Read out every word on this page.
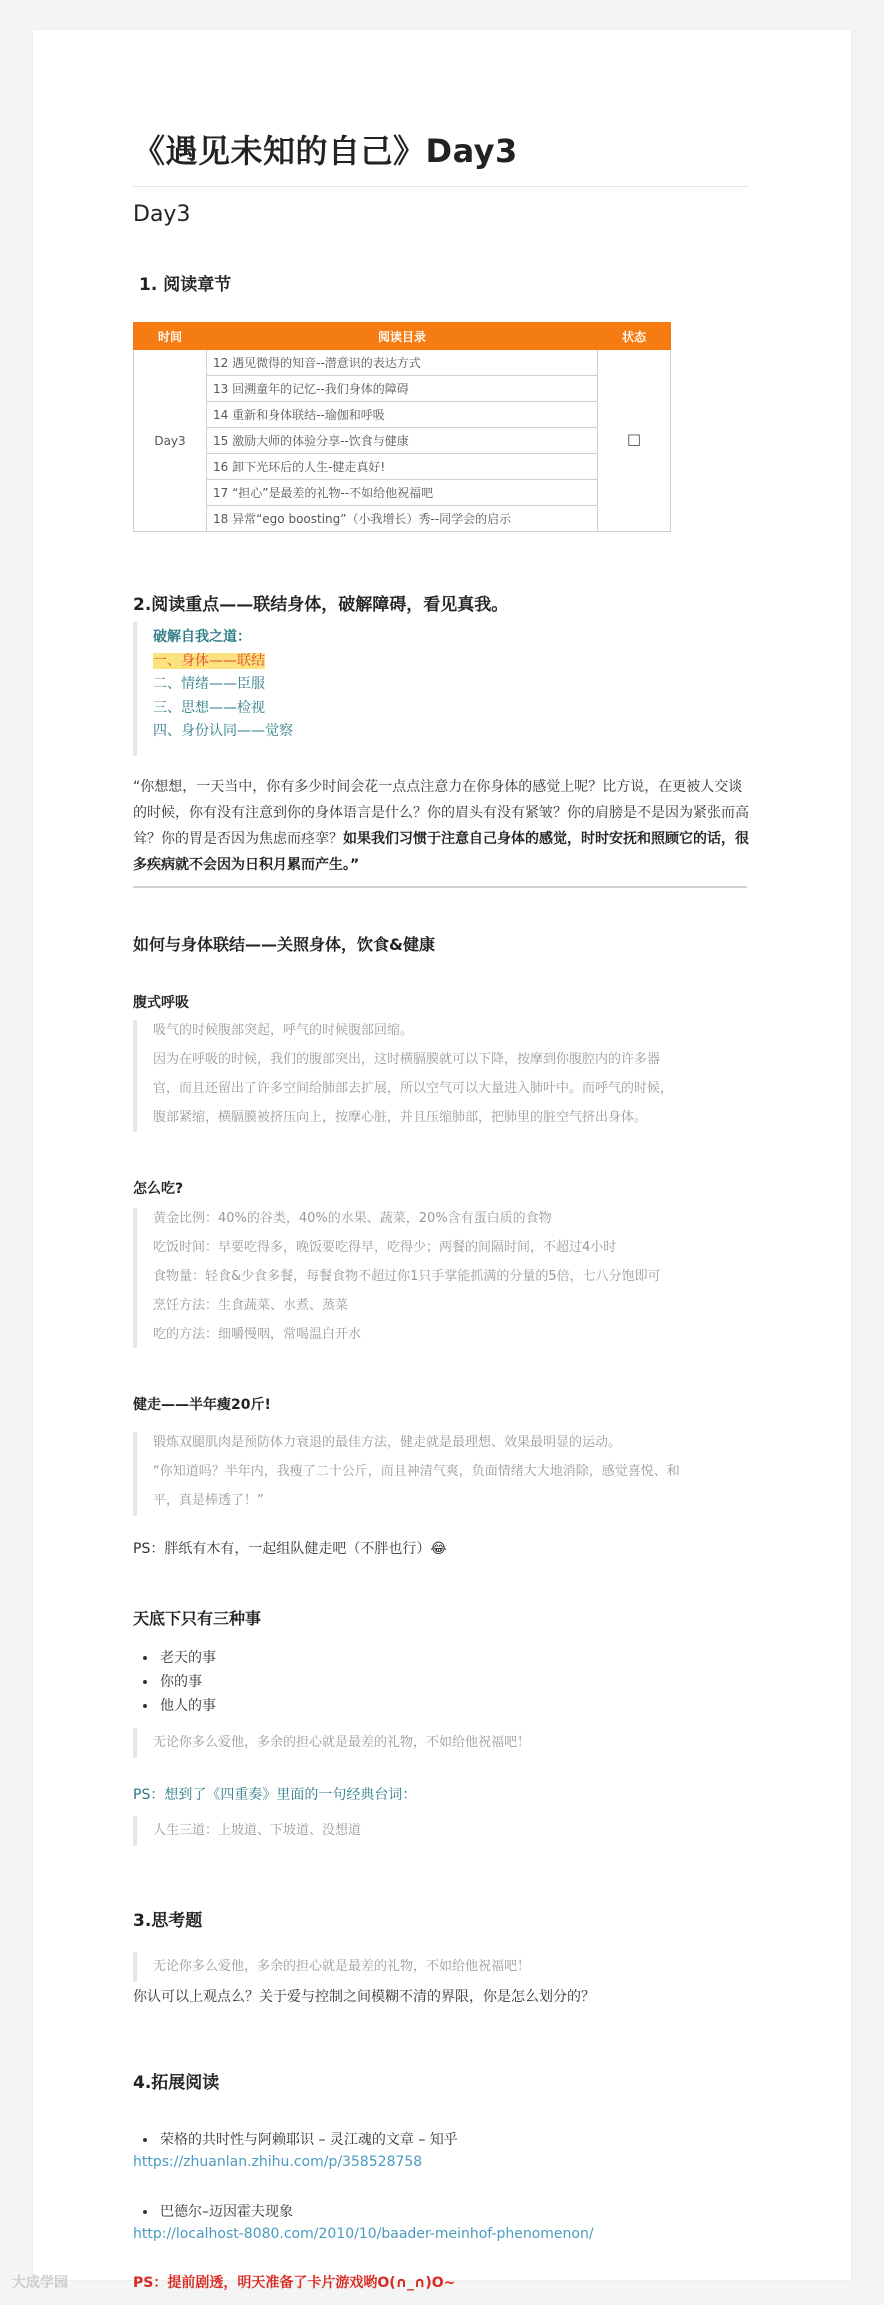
《遇见未知的自己》Day3
Day3
1. 阅读章节
时间	阅读目录	状态
Day3	12 遇见微得的知音--潜意识的表达方式	☐
	13 回溯童年的记忆--我们身体的障碍	
	14 重新和身体联结--瑜伽和呼吸	
	15 激励大师的体验分享--饮食与健康	
	16 卸下光环后的人生-健走真好!	
	17 “担心”是最差的礼物--不如给他祝福吧	
	18 异常“ego boosting”（小我增长）秀--同学会的启示	
2.阅读重点——联结身体，破解障碍，看见真我。
破解自我之道：
一、身体——联结
二、情绪——臣服
三、思想——检视
四、身份认同——觉察
“你想想，一天当中，你有多少时间会花一点点注意力在你身体的感觉上呢？比方说，在更被人交谈的时候，你有没有注意到你的身体语言是什么？你的眉头有没有紧皱？你的肩膀是不是因为紧张而高耸？你的胃是否因为焦虑而痉挛？如果我们习惯于注意自己身体的感觉，时时安抚和照顾它的话，很多疾病就不会因为日积月累而产生。”
如何与身体联结——关照身体，饮食&健康
腹式呼吸
吸气的时候腹部突起，呼气的时候腹部回缩。
因为在呼吸的时候，我们的腹部突出，这时横膈膜就可以下降，按摩到你腹腔内的许多器
官，而且还留出了许多空间给肺部去扩展，所以空气可以大量进入肺叶中。而呼气的时候，
腹部紧缩，横膈膜被挤压向上，按摩心脏，并且压缩肺部，把肺里的脏空气挤出身体。
怎么吃?
黄金比例：40%的谷类，40%的水果、蔬菜，20%含有蛋白质的食物
吃饭时间：早要吃得多，晚饭要吃得早，吃得少；两餐的间隔时间，不超过4小时
食物量：轻食&少食多餐，每餐食物不超过你1只手掌能抓满的分量的5倍，七八分饱即可
烹饪方法：生食蔬菜、水煮、蒸菜
吃的方法：细嚼慢咽，常喝温白开水
健走——半年瘦20斤!
锻炼双腿肌肉是预防体力衰退的最佳方法，健走就是最理想、效果最明显的运动。
“你知道吗？半年内，我瘦了二十公斤，而且神清气爽，负面情绪大大地消除，感觉喜悦、和
平，真是棒透了！”
PS：胖纸有木有，一起组队健走吧（不胖也行）😂
天底下只有三种事
• 老天的事
• 你的事
• 他人的事
无论你多么爱他，多余的担心就是最差的礼物，不如给他祝福吧！
PS：想到了《四重奏》里面的一句经典台词：
人生三道：上坡道、下坡道、没想道
3.思考题
无论你多么爱他，多余的担心就是最差的礼物，不如给他祝福吧！
你认可以上观点么？关于爱与控制之间模糊不清的界限，你是怎么划分的？
4.拓展阅读
• 荣格的共时性与阿赖耶识 – 灵江魂的文章 – 知乎
https://zhuanlan.zhihu.com/p/358528758
• 巴德尔–迈因霍夫现象
http://localhost-8080.com/2010/10/baader-meinhof-phenomenon/
PS：提前剧透，明天准备了卡片游戏哟O(∩_∩)O~
大成学园
